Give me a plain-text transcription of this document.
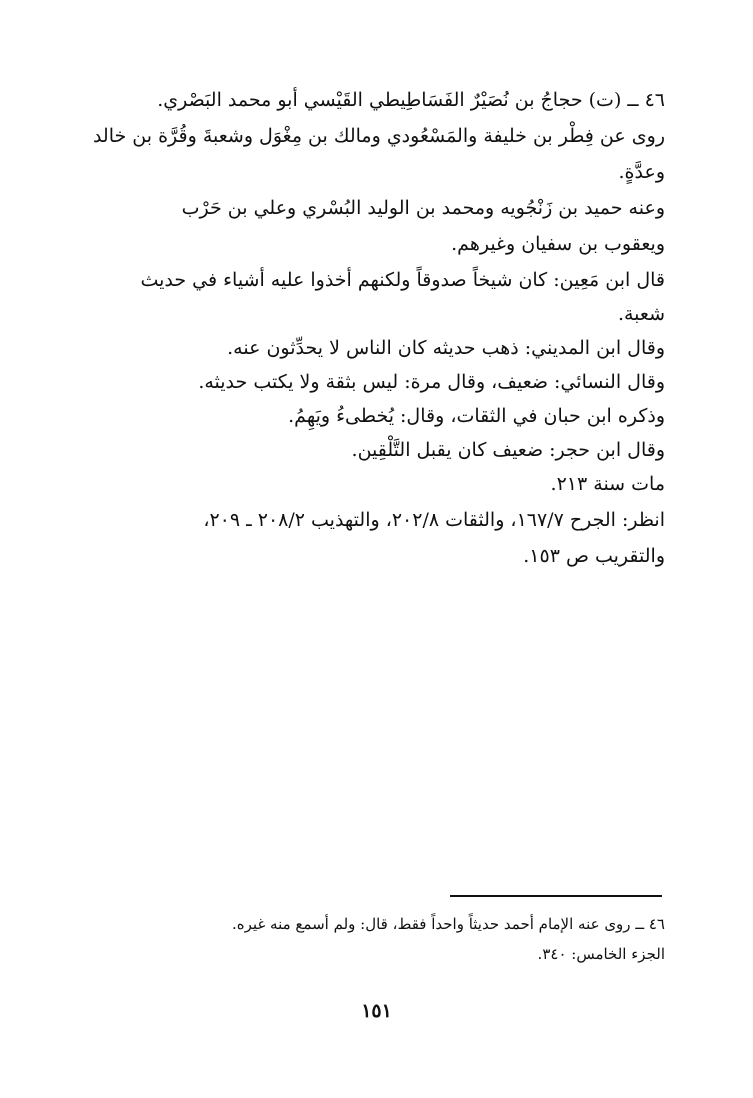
٤٦ ــ (ت) حجاجُ بن نُصَيْرٌ الفَسَاطِيطي القَيْسي أبو محمد البَصْري.
روى عن فِطْر بن خليفة والمَسْعُودي ومالك بن مِغْوَل وشعبةَ وقُرَّة بن خالد
وعدَّةٍ.
وعنه حميد بن زَنْجُويه ومحمد بن الوليد البُسْري وعلي بن حَرْب
ويعقوب بن سفيان وغيرهم.
قال ابن مَعِين: كان شيخاً صدوقاً ولكنهم أخذوا عليه أشياء في حديث
شعبة.
وقال ابن المديني: ذهب حديثه كان الناس لا يحدِّثون عنه.
وقال النسائي: ضعيف، وقال مرة: ليس بثقة ولا يكتب حديثه.
وذكره ابن حبان في الثقات، وقال: يُخطىءُ ويَهِمُ.
وقال ابن حجر: ضعيف كان يقبل التَّلْقِين.
مات سنة ٢١٣.
انظر: الجرح ١٦٧/٧، والثقات ٢٠٢/٨، والتهذيب ٢٠٨/٢ ـ ٢٠٩،
والتقريب ص ١٥٣.
٤٦ ــ روى عنه الإمام أحمد حديثاً واحداً فقط، قال: ولم أسمع منه غيره.
الجزء الخامس: ٣٤٠.
١٥١
